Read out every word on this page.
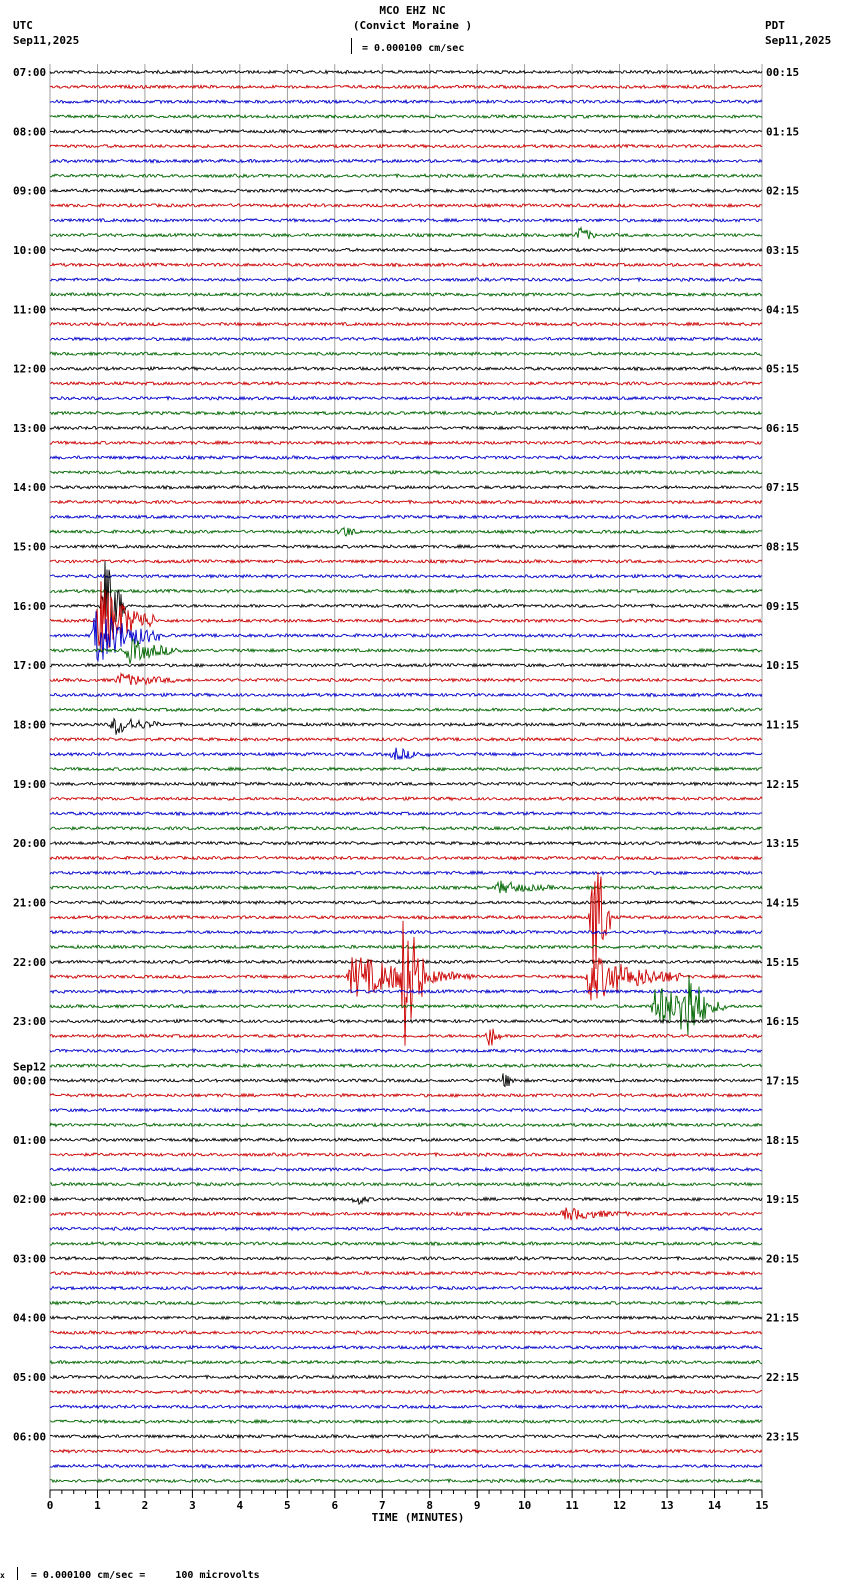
MCO EHZ NC
(Convict Moraine )
= 0.000100 cm/sec
UTC
Sep11,2025
PDT
Sep11,2025
0	1	2	3	4	5	6	7	8	9	10	11	12	13	14	15
07:00
08:00
09:00
10:00
11:00
12:00
13:00
14:00
15:00
16:00
17:00
18:00
19:00
20:00
21:00
22:00
23:00
00:00
Sep12
01:00
02:00
03:00
04:00
05:00
06:00
00:15
01:15
02:15
03:15
04:15
05:15
06:15
07:15
08:15
09:15
10:15
11:15
12:15
13:15
14:15
15:15
16:15
17:15
18:15
19:15
20:15
21:15
22:15
23:15
TIME (MINUTES)
x	= 0.000100 cm/sec =     100 microvolts
